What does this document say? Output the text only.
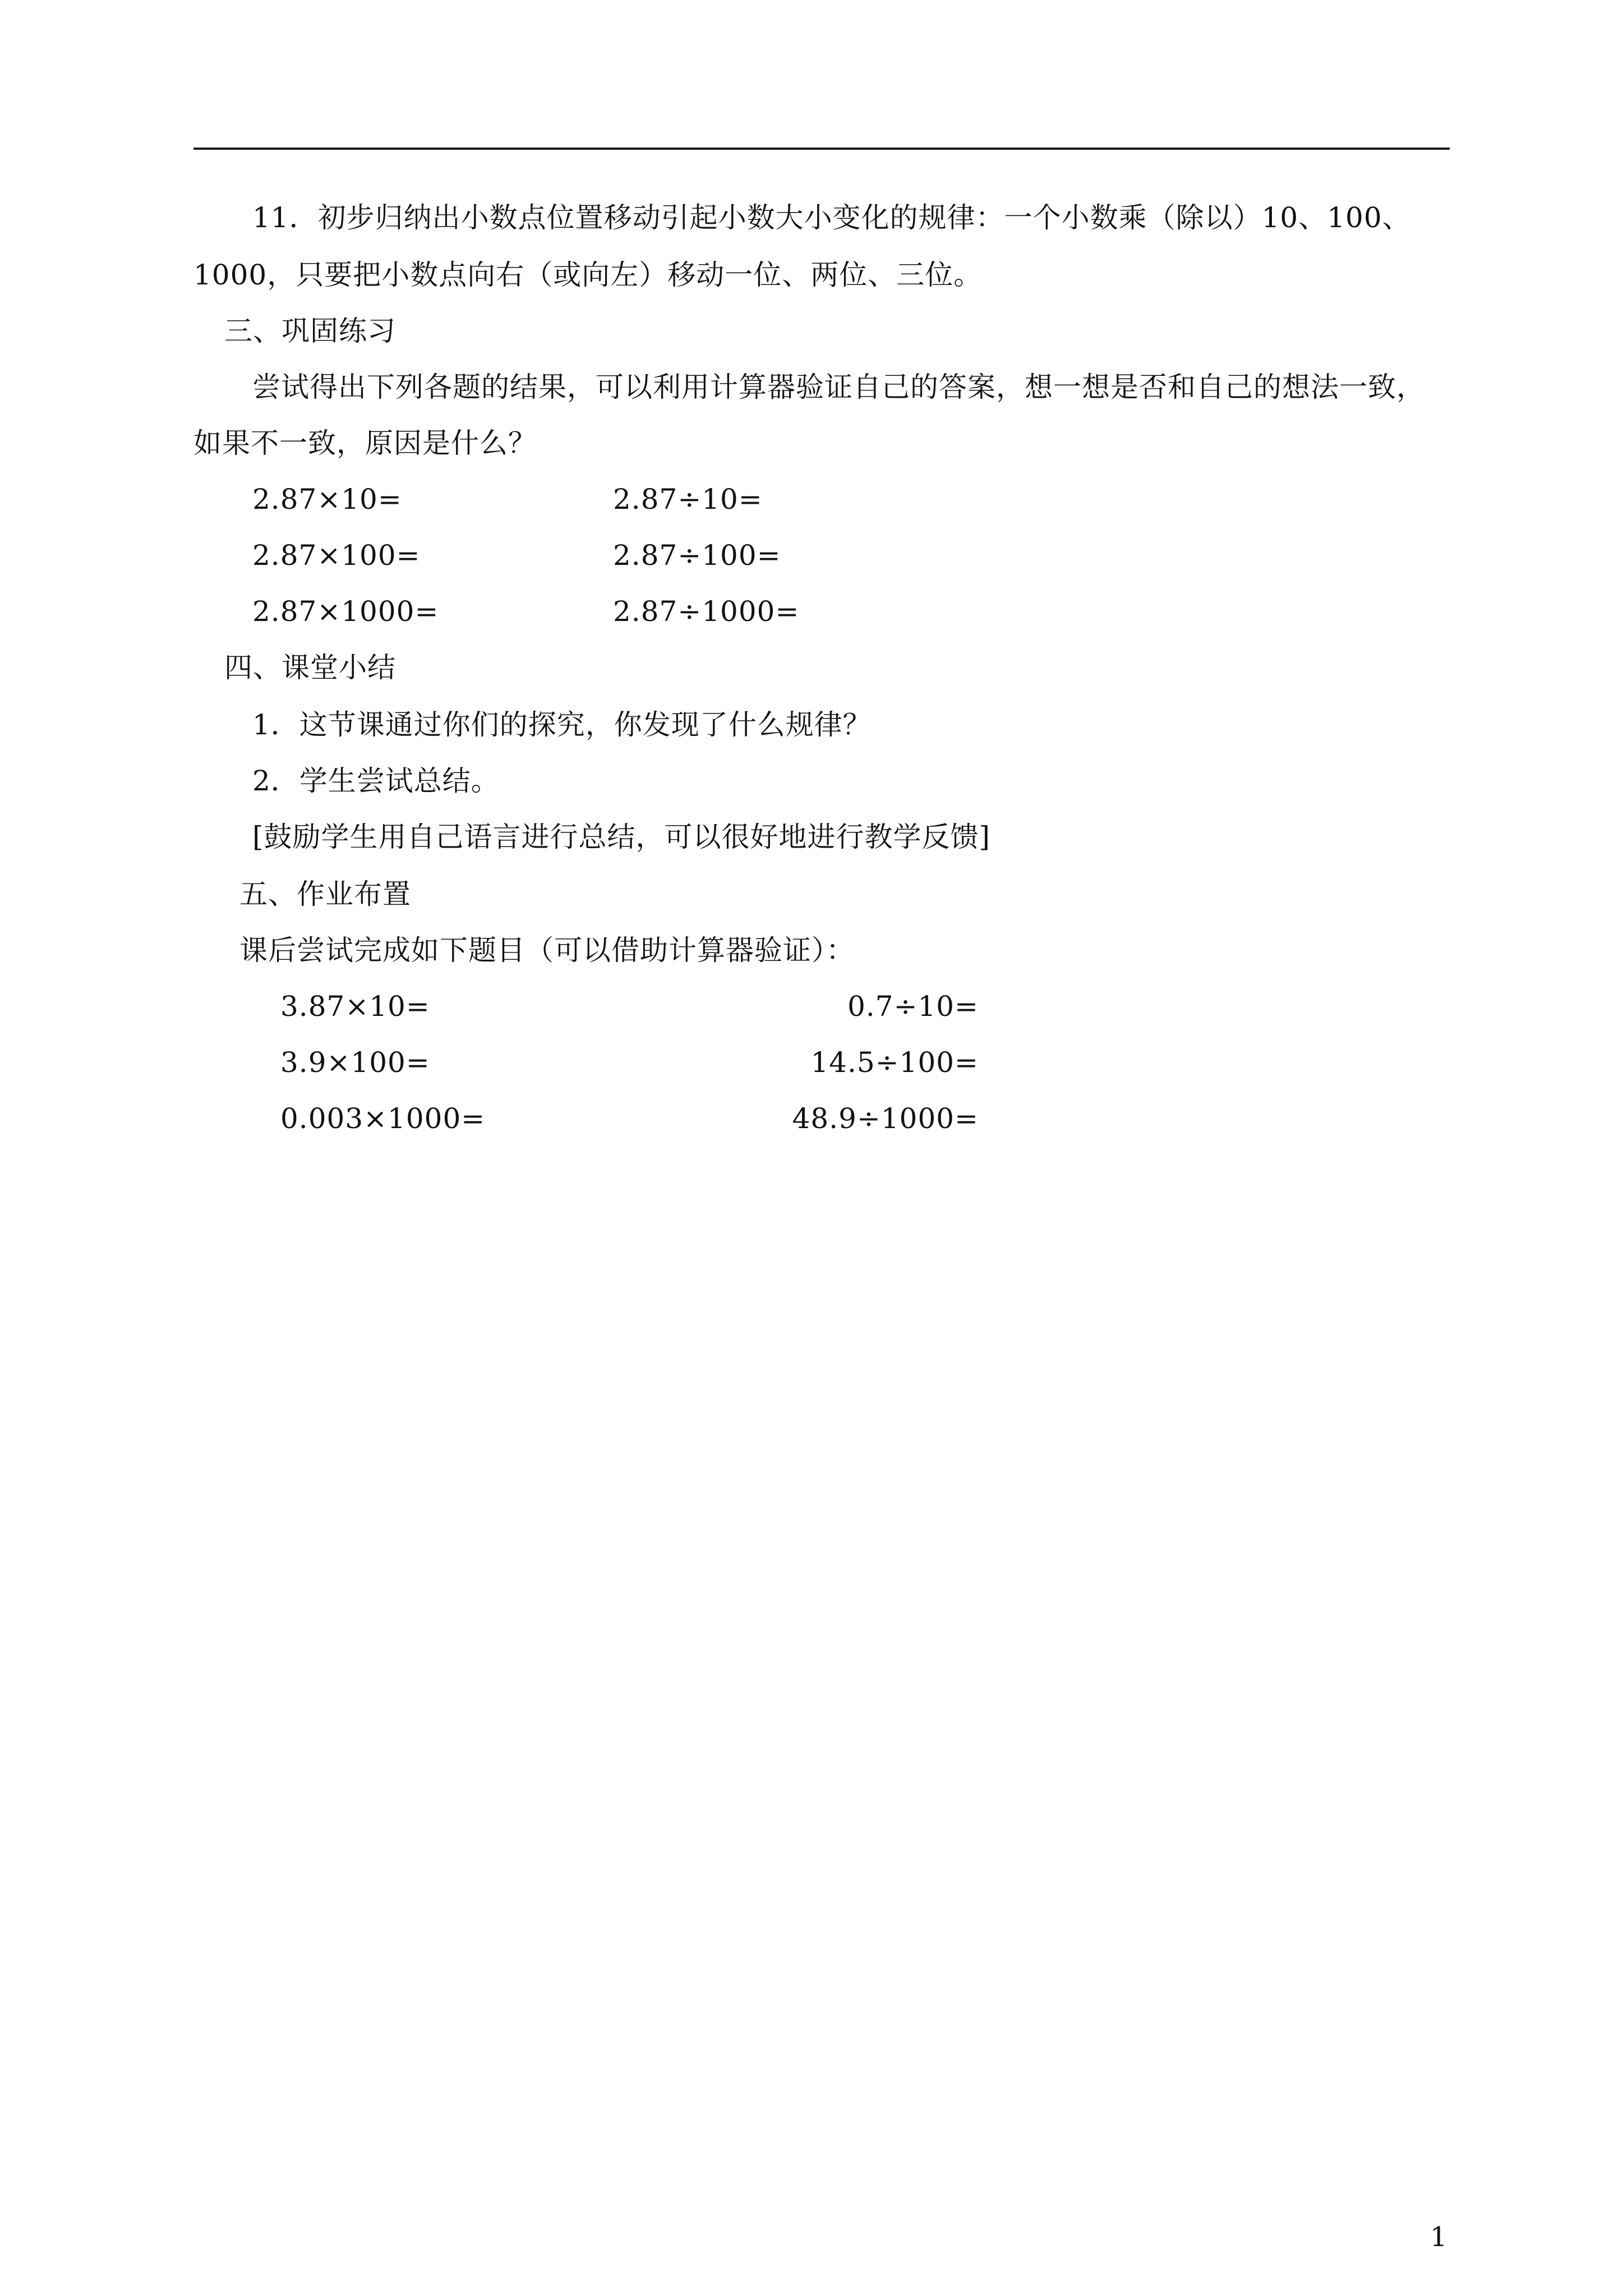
11．初步归纳出小数点位置移动引起小数大小变化的规律：一个小数乘（除以）10、100、
1000，只要把小数点向右（或向左）移动一位、两位、三位。
三、巩固练习
尝试得出下列各题的结果，可以利用计算器验证自己的答案，想一想是否和自己的想法一致，
如果不一致，原因是什么？
2.87×10=	2.87÷10=
2.87×100=	2.87÷100=
2.87×1000=	2.87÷1000=
四、课堂小结
1．这节课通过你们的探究，你发现了什么规律？
2．学生尝试总结。
[鼓励学生用自己语言进行总结，可以很好地进行教学反馈]
五、作业布置
课后尝试完成如下题目（可以借助计算器验证）：
3.87×10=	0.7÷10=
3.9×100=	14.5÷100=
0.003×1000=	48.9÷1000=
1
